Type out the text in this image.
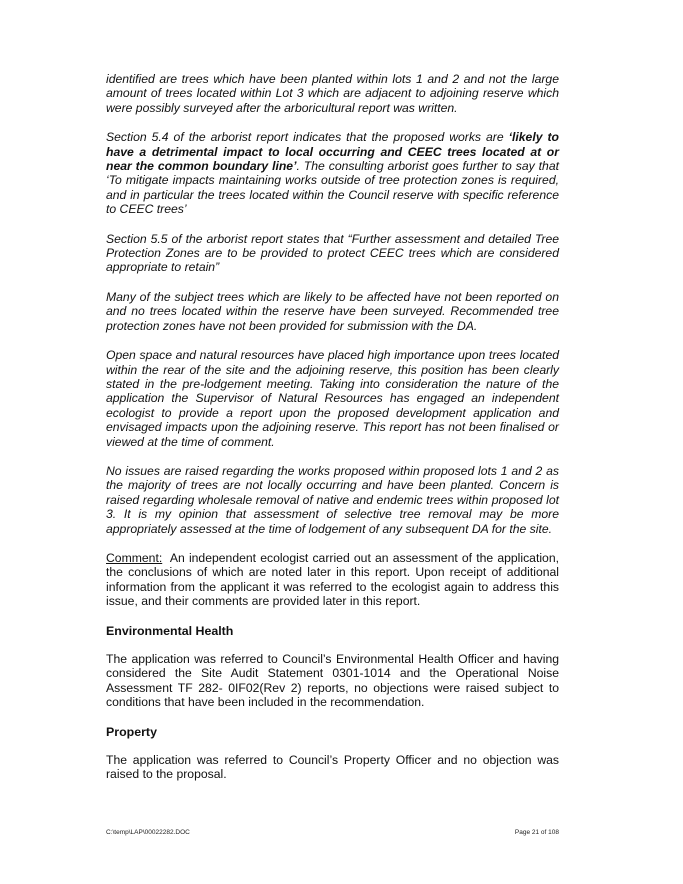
identified are trees which have been planted within lots 1 and 2 and not the large amount of trees located within Lot 3 which are adjacent to adjoining reserve which were possibly surveyed after the arboricultural report was written.

Section 5.4 of the arborist report indicates that the proposed works are ‘likely to have a detrimental impact to local occurring and CEEC trees located at or near the common boundary line’. The consulting arborist goes further to say that ‘To mitigate impacts maintaining works outside of tree protection zones is required, and in particular the trees located within the Council reserve with specific reference to CEEC trees’

Section 5.5 of the arborist report states that “Further assessment and detailed Tree Protection Zones are to be provided to protect CEEC trees which are considered appropriate to retain”

Many of the subject trees which are likely to be affected have not been reported on and no trees located within the reserve have been surveyed. Recommended tree protection zones have not been provided for submission with the DA.

Open space and natural resources have placed high importance upon trees located within the rear of the site and the adjoining reserve, this position has been clearly stated in the pre-lodgement meeting. Taking into consideration the nature of the application the Supervisor of Natural Resources has engaged an independent ecologist to provide a report upon the proposed development application and envisaged impacts upon the adjoining reserve. This report has not been finalised or viewed at the time of comment.

No issues are raised regarding the works proposed within proposed lots 1 and 2 as the majority of trees are not locally occurring and have been planted. Concern is raised regarding wholesale removal of native and endemic trees within proposed lot 3. It is my opinion that assessment of selective tree removal may be more appropriately assessed at the time of lodgement of any subsequent DA for the site.

Comment:  An independent ecologist carried out an assessment of the application, the conclusions of which are noted later in this report. Upon receipt of additional information from the applicant it was referred to the ecologist again to address this issue, and their comments are provided later in this report.

Environmental Health

The application was referred to Council’s Environmental Health Officer and having considered the Site Audit Statement 0301-1014 and the Operational Noise Assessment TF 282- 0IF02(Rev 2) reports, no objections were raised subject to conditions that have been included in the recommendation.

Property

The application was referred to Council’s Property Officer and no objection was raised to the proposal.

C:\temp\LAP\00022282.DOC	Page 21 of 108
